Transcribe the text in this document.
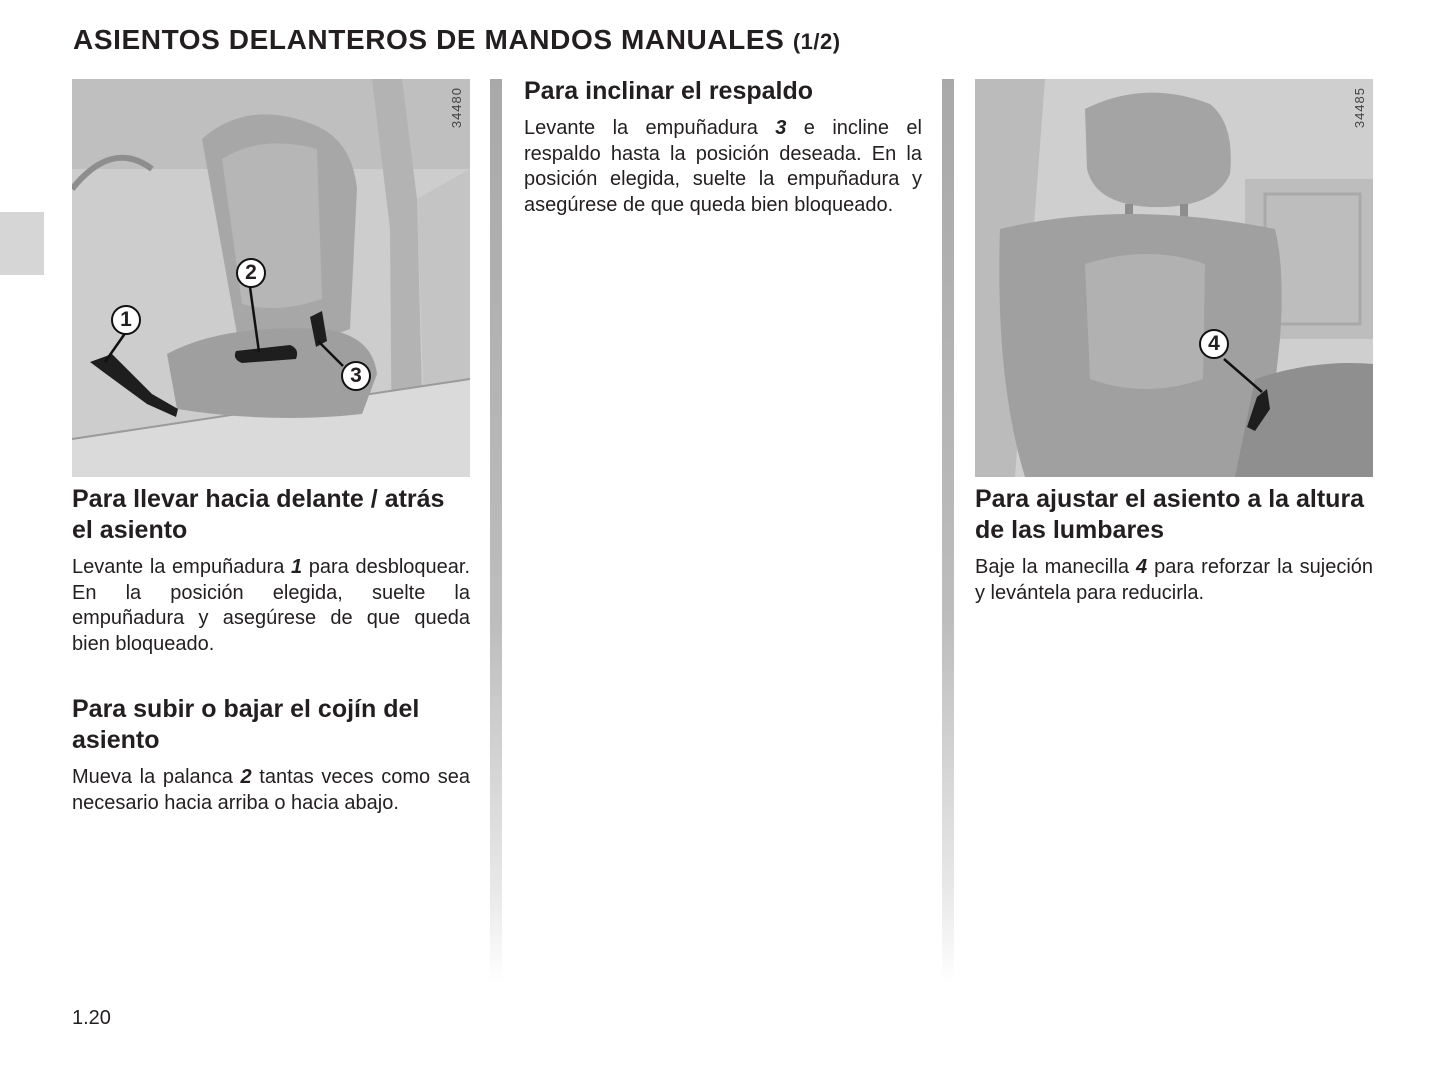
ASIENTOS DELANTEROS DE MANDOS MANUALES (1/2)
34480
1
2
3
34485
4
Para llevar hacia delante / atrás el asiento

Levante la empuñadura 1 para desbloquear. En la posición elegida, suelte la empuñadura y asegúrese de que queda bien bloqueado.

Para subir o bajar el cojín del asiento

Mueva la palanca 2 tantas veces como sea necesario hacia arriba o hacia abajo.

Para inclinar el respaldo

Levante la empuñadura 3 e incline el respaldo hasta la posición deseada. En la posición elegida, suelte la empuñadura y asegúrese de que queda bien bloqueado.

Para ajustar el asiento a la altura de las lumbares

Baje la manecilla 4 para reforzar la sujeción y levántela para reducirla.

1.20
